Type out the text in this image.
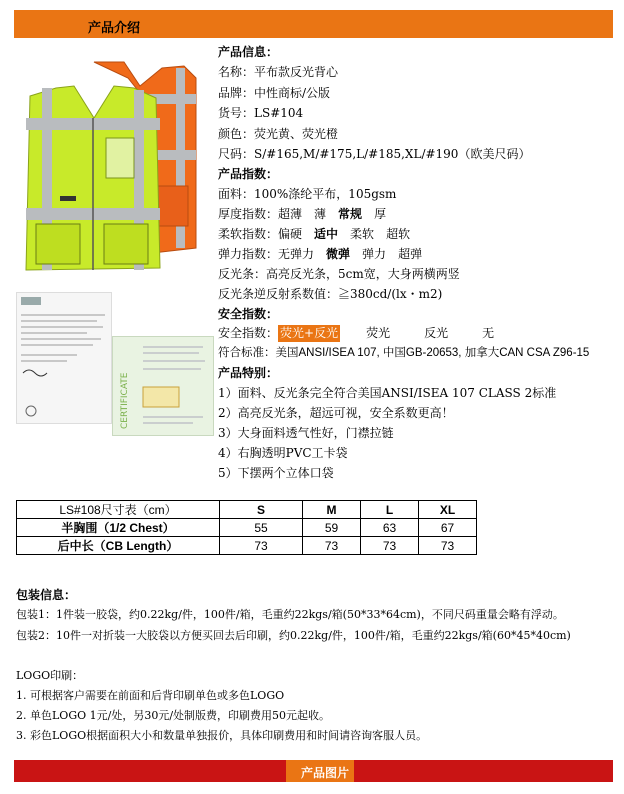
产品介绍
CERTIFICATE
产品信息：
名称：平布款反光背心
品牌：中性商标/公版
货号：LS#104
颜色：荧光黄、荧光橙
尺码：S/#165,M/#175,L/#185,XL/#190（欧美尺码）
产品指数：
面料：100%涤纶平布，105gsm
厚度指数：超薄 薄 常规 厚
柔软指数：偏硬 适中 柔软 超软
弹力指数：无弹力 微弹 弹力 超弹
反光条：高亮反光条，5cm宽，大身两横两竖
反光条逆反射系数值：≧380cd/(lx・m2)
安全指数：
安全指数： 荧光+反光 荧光	反光	无
符合标准：美国ANSI/ISEA 107, 中国GB-20653, 加拿大CAN CSA Z96-15
产品特别：
1）面料、反光条完全符合美国ANSI/ISEA 107 CLASS 2标准
2）高亮反光条，超远可视，安全系数更高！
3）大身面料透气性好，门襟拉链
4）右胸透明PVC工卡袋
5）下摆两个立体口袋
LS#108尺寸表（cm）	S	M	L	XL
半胸围（1/2 Chest）	55	59	63	67
后中长（CB Length）	73	73	73	73
包装信息：
包装1：1件装一胶袋，约0.22kg/件，100件/箱，毛重约22kgs/箱(50*33*64cm)，不同尺码重量会略有浮动。
包装2：10件一对折装一大胶袋以方便买回去后印刷，约0.22kg/件，100件/箱，毛重约22kgs/箱(60*45*40cm)
LOGO印刷：
1. 可根据客户需要在前面和后背印刷单色或多色LOGO
2. 单色LOGO 1元/处，另30元/处制版费，印刷费用50元起收。
3. 彩色LOGO根据面积大小和数量单独报价，具体印刷费用和时间请咨询客服人员。
产品图片
